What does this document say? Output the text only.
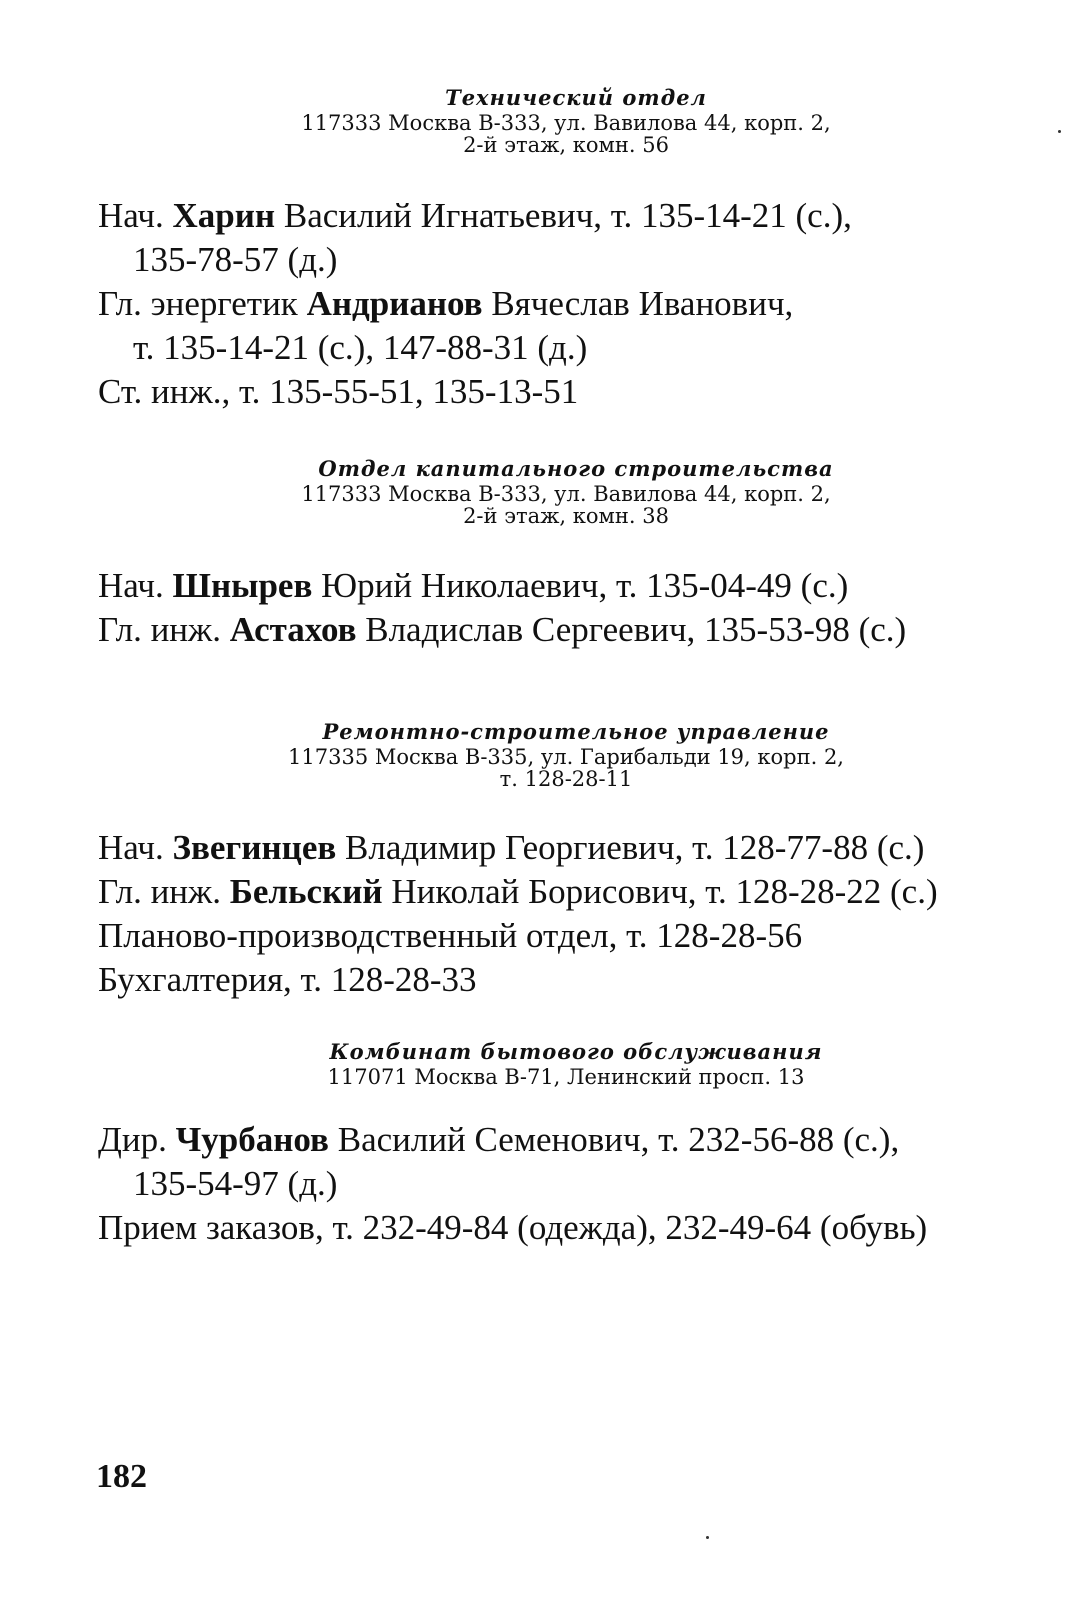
Технический отдел

117333 Москва В-333, ул. Вавилова 44, корп. 2,
2-й этаж, комн. 56

Нач. Харин Василий Игнатьевич, т. 135-14-21 (с.),
135-78-57 (д.)

Гл. энергетик Андрианов Вячеслав Иванович,
т. 135-14-21 (с.), 147-88-31 (д.)

Ст. инж., т. 135-55-51, 135-13-51

Отдел капитального строительства

117333 Москва В-333, ул. Вавилова 44, корп. 2,
2-й этаж, комн. 38

Нач. Шнырев Юрий Николаевич, т. 135-04-49 (с.)

Гл. инж. Астахов Владислав Сергеевич, 135-53-98 (с.)

Ремонтно-строительное управление

117335 Москва В-335, ул. Гарибальди 19, корп. 2,
т. 128-28-11

Нач. Звегинцев Владимир Георгиевич, т. 128-77-88 (с.)

Гл. инж. Бельский Николай Борисович, т. 128-28-22 (с.)

Планово-производственный отдел, т. 128-28-56

Бухгалтерия, т. 128-28-33

Комбинат бытового обслуживания

117071 Москва В-71, Ленинский просп. 13

Дир. Чурбанов Василий Семенович, т. 232-56-88 (с.),
135-54-97 (д.)

Прием заказов, т. 232-49-84 (одежда), 232-49-64 (обувь)

182
